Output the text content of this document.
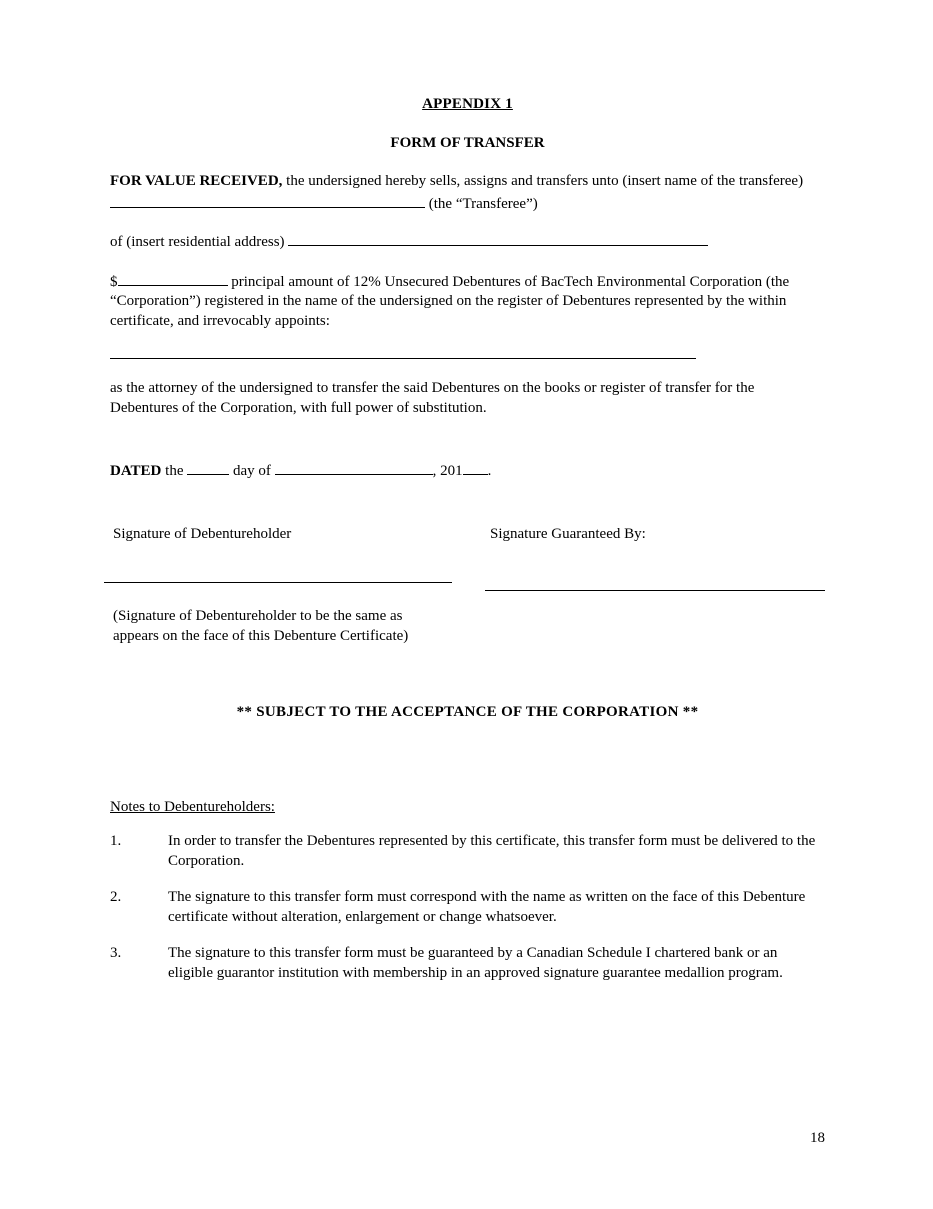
APPENDIX 1
FORM OF TRANSFER

FOR VALUE RECEIVED, the undersigned hereby sells, assigns and transfers unto (insert name of the transferee)

(the “Transferee”)

of (insert residential address)

$	principal amount of 12% Unsecured Debentures of BacTech Environmental Corporation (the “Corporation”) registered in the name of the undersigned on the register of Debentures represented by the within certificate, and irrevocably appoints:

as the attorney of the undersigned to transfer the said Debentures on the books or register of transfer for the Debentures of the Corporation, with full power of substitution.

DATED the	day of	, 201 .
Signature of Debentureholder	Signature Guaranteed By:
(Signature of Debentureholder to be the same as
appears on the face of this Debenture Certificate)
** SUBJECT TO THE ACCEPTANCE OF THE CORPORATION **
Notes to Debentureholders:
1.	In order to transfer the Debentures represented by this certificate, this transfer form must be delivered to the Corporation.
2.	The signature to this transfer form must correspond with the name as written on the face of this Debenture certificate without alteration, enlargement or change whatsoever.
3.	The signature to this transfer form must be guaranteed by a Canadian Schedule I chartered bank or an eligible guarantor institution with membership in an approved signature guarantee medallion program.
18
